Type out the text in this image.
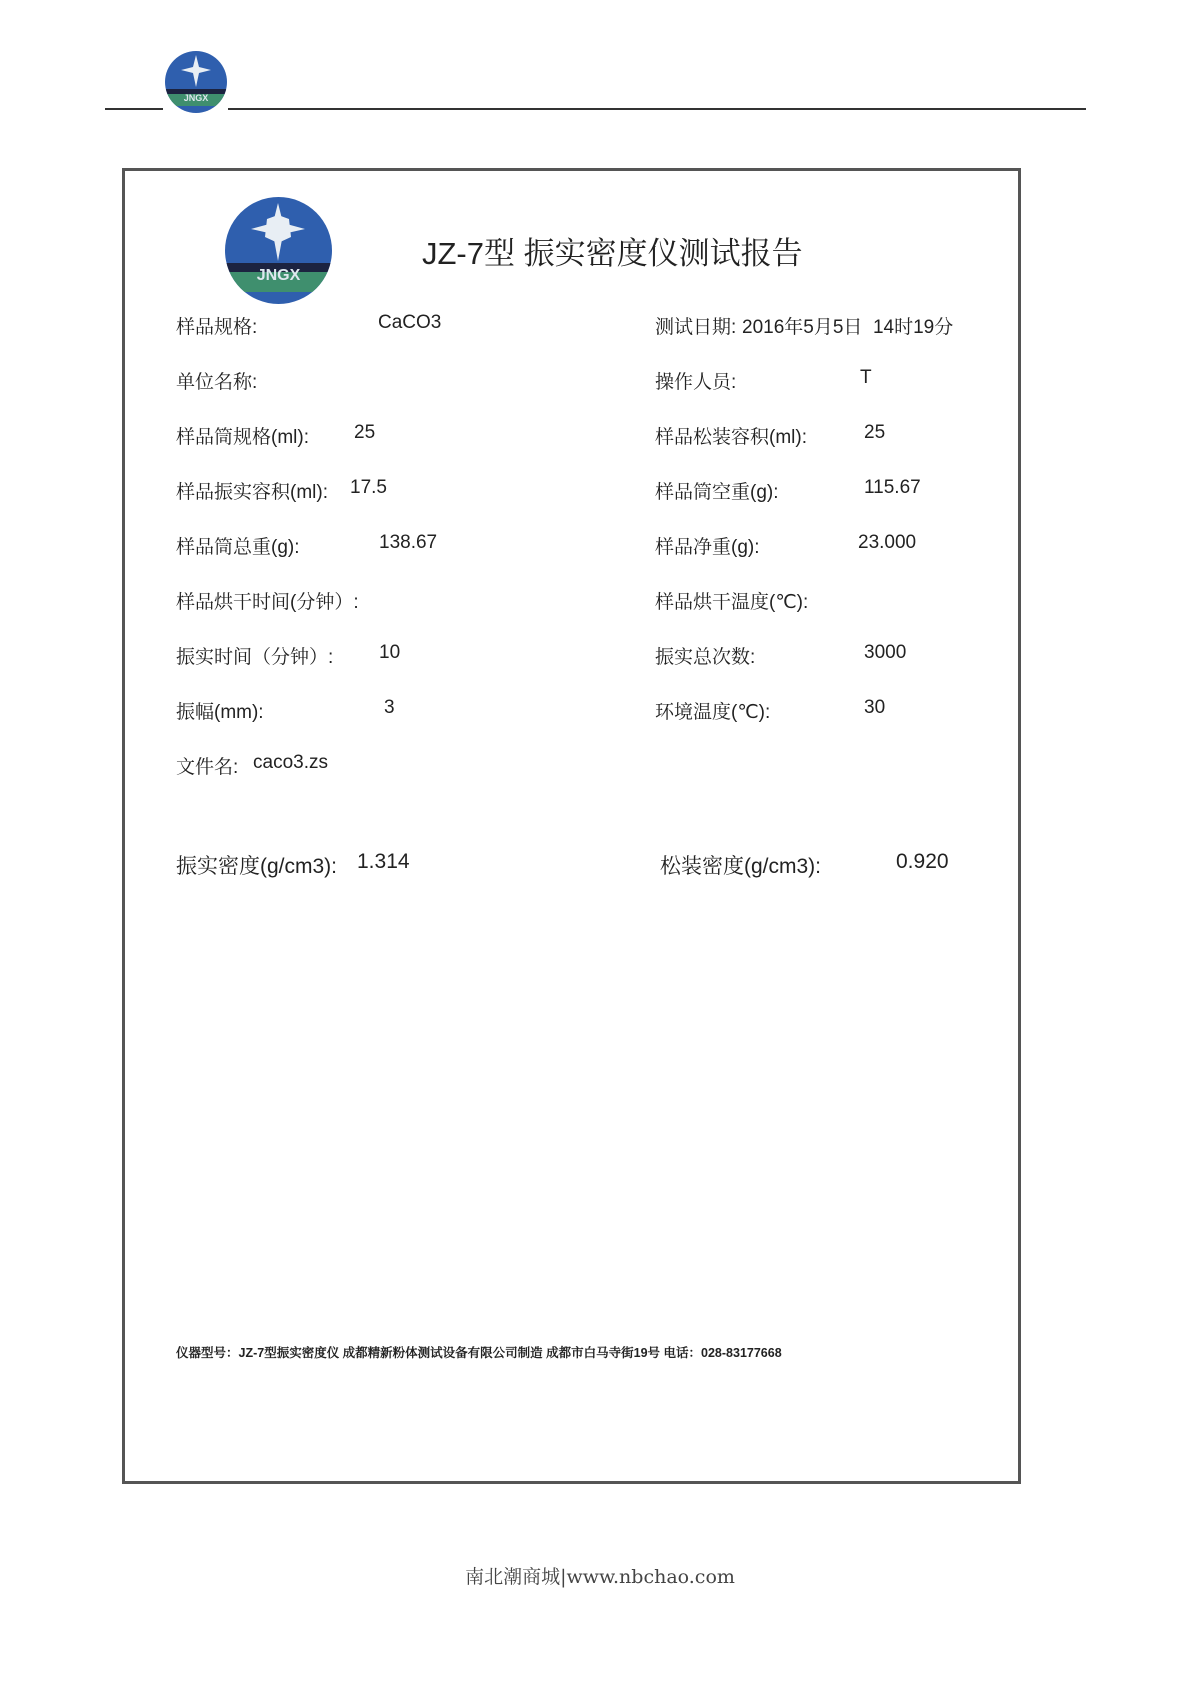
JNGX
JNGX
JZ-7型 振实密度仪测试报告
样品规格:	CaCO3
单位名称:
样品筒规格(ml): 25
样品振实容积(ml): 17.5
样品筒总重(g):	138.67
样品烘干时间(分钟）:
振实时间（分钟）: 10
振幅(mm):	3
文件名: caco3.zs
测试日期: 2016年5月5日  14时19分
操作人员:	T
样品松装容积(ml):	25
样品筒空重(g):	115.67
样品净重(g):	23.000
样品烘干温度(℃):
振实总次数:	3000
环境温度(℃):	30
振实密度(g/cm3): 1.314	松装密度(g/cm3):	0.920
仪器型号：JZ-7型振实密度仪 成都精新粉体测试设备有限公司制造 成都市白马寺街19号 电话：028-83177668
南北潮商城|www.nbchao.com
